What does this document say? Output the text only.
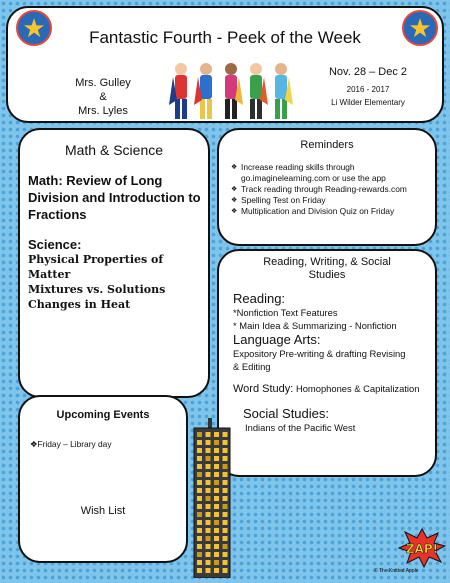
Fantastic Fourth - Peek of the Week
Mrs. Gulley
&
Mrs. Lyles
Nov. 28 – Dec 2
2016 - 2017
Li Wilder Elementary
★	★
Math & Science
Math: Review of Long Division and Introduction to Fractions
Science:
Physical Properties of Matter
Mixtures vs. Solutions
Changes in Heat
Reminders
❖ Increase reading skills through go.imaginelearning.com or use the app
❖ Track reading through Reading-rewards.com
❖ Spelling Test on Friday
❖ Multiplication and Division Quiz on Friday
Reading, Writing, & Social Studies
Reading:
*Nonfiction Text Features
* Main Idea & Summarizing - Nonfiction
Language Arts:
Expository Pre-writing & drafting Revising & Editing
Word Study: Homophones & Capitalization
Social Studies:
Indians of the Pacific West
Upcoming Events
❖Friday – Library day
Wish List
ZAP!
© The Knitted Apple
